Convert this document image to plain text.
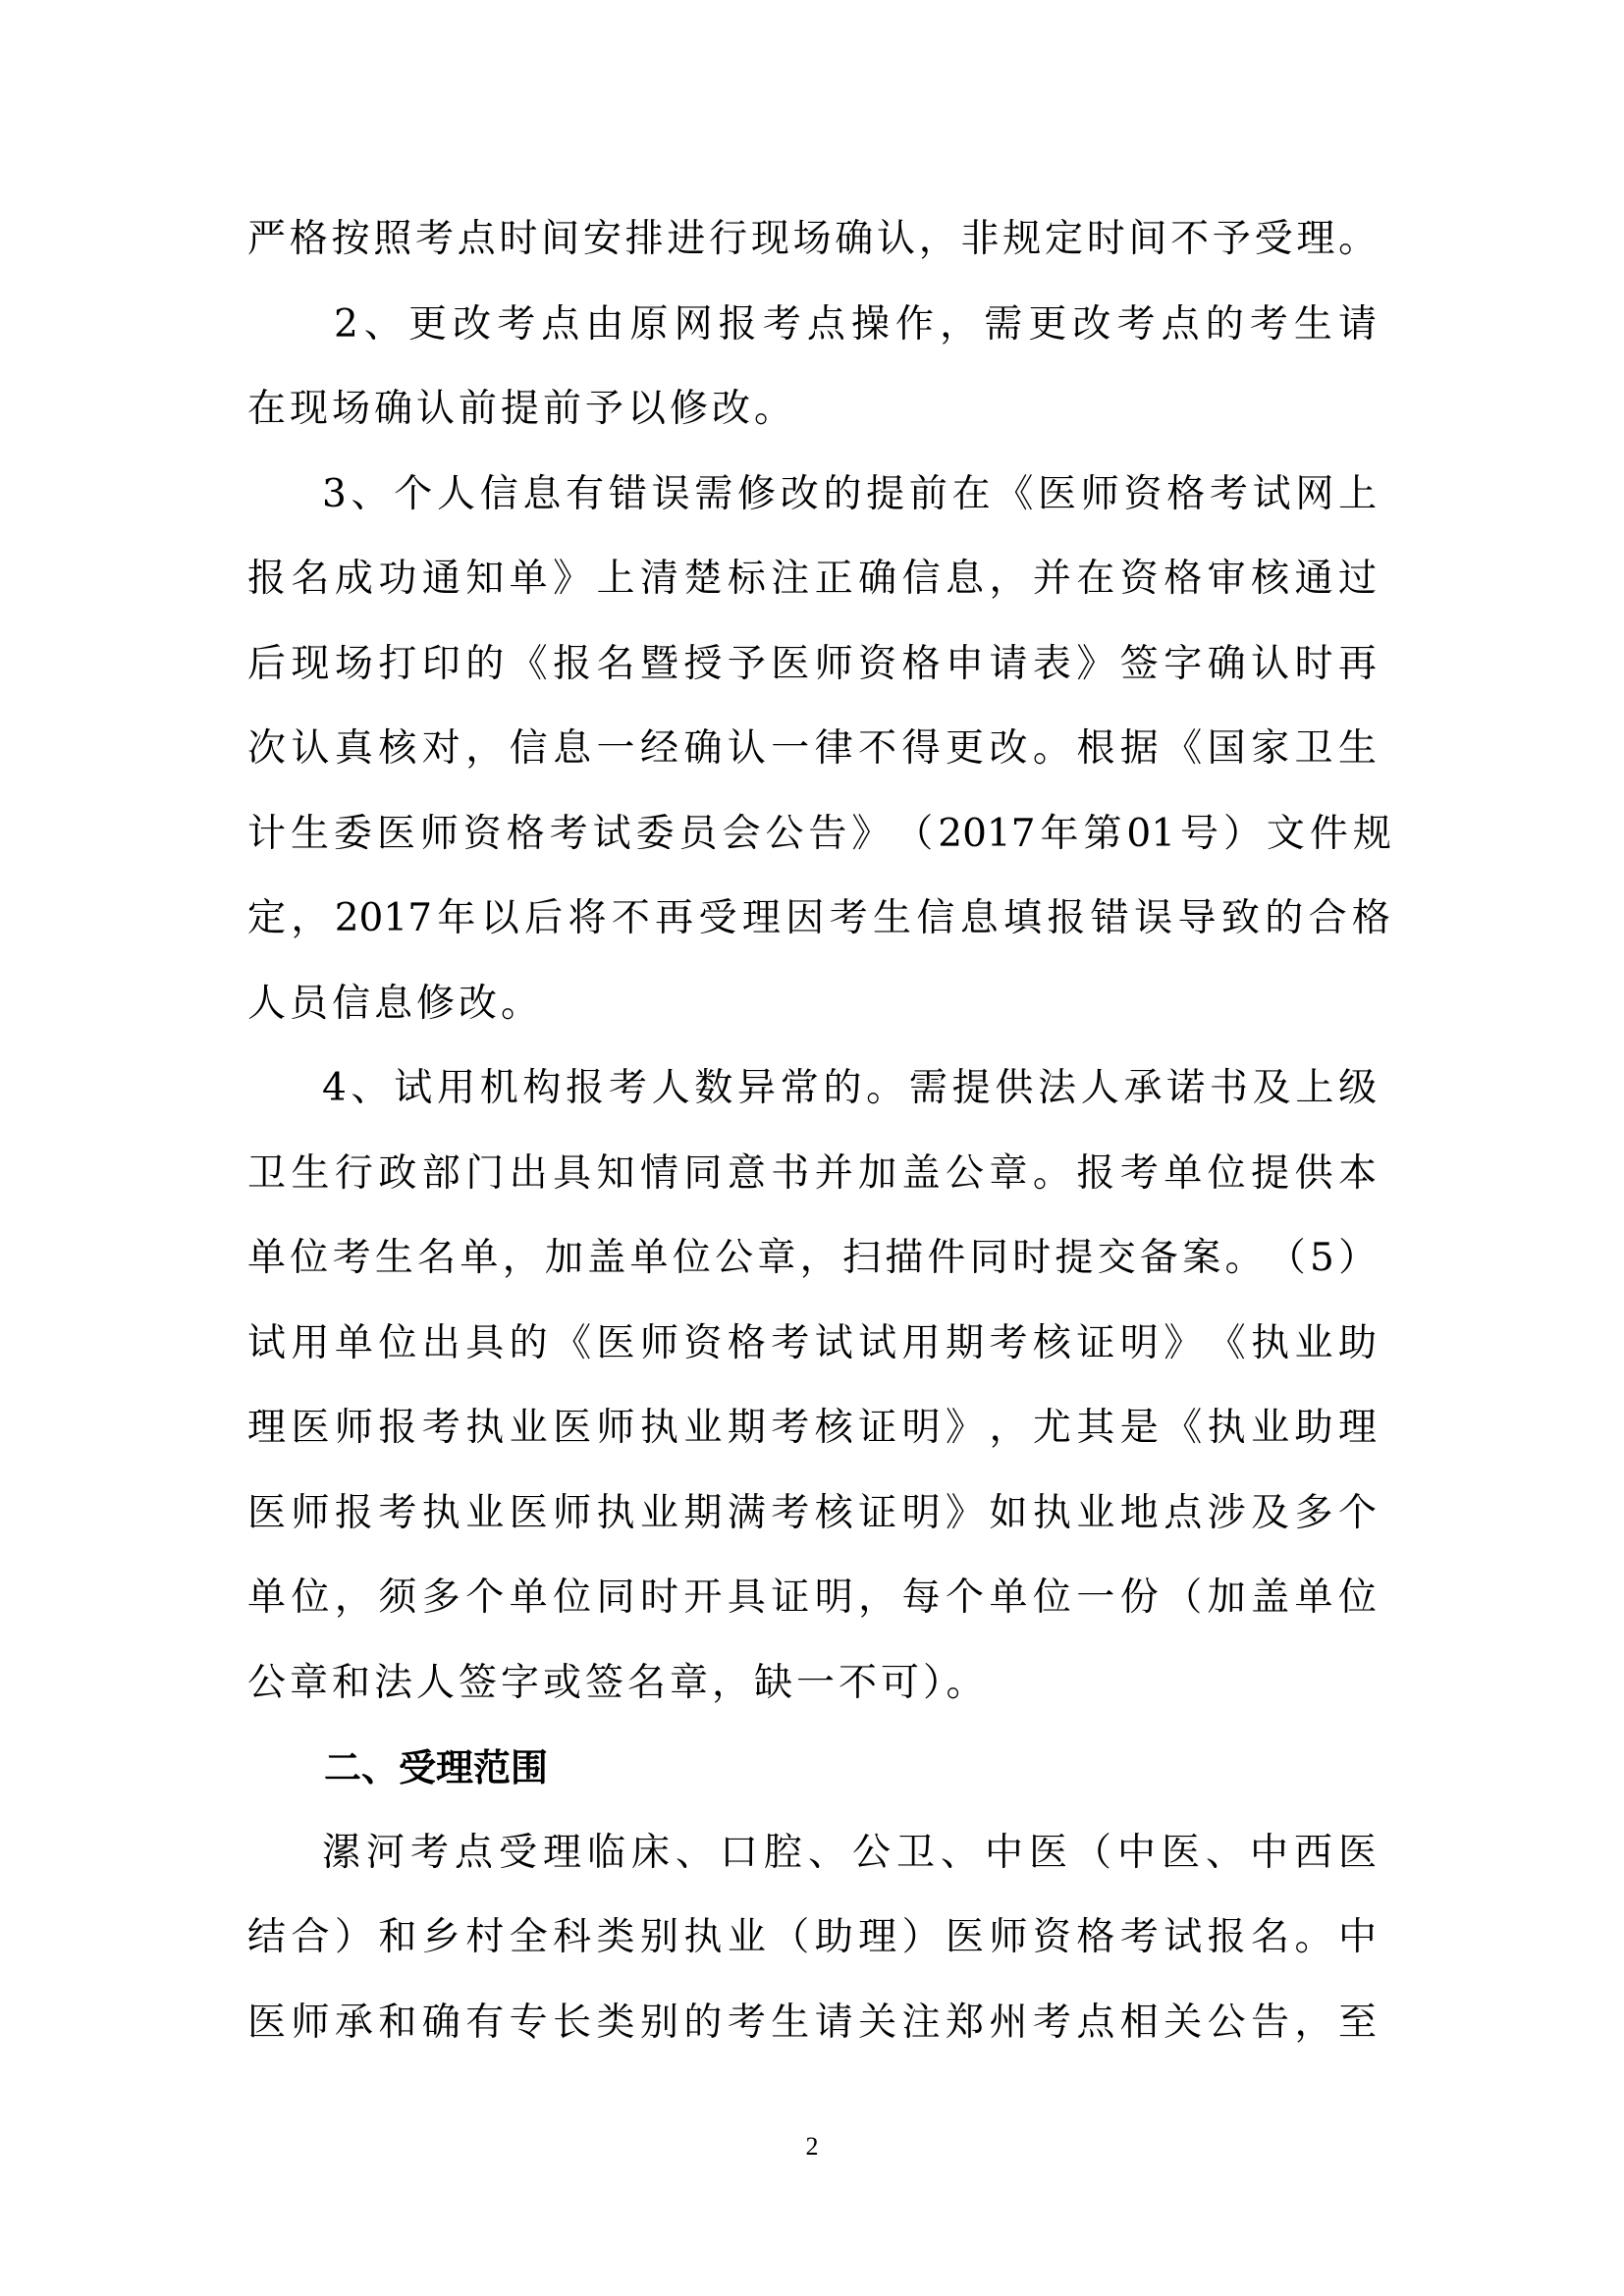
严 格 按 照 考 点 时 间 安 排 进 行 现 场 确 认 ， 非 规 定 时 间 不 予 受 理 。
2 、 更 改 考 点 由 原 网 报 考 点 操 作 ， 需 更 改 考 点 的 考 生 请
在现场确认前提前予以修改。
3 、 个 人 信 息 有 错 误 需 修 改 的 提 前 在 《 医 师 资 格 考 试 网 上
报 名 成 功 通 知 单 》 上 清 楚 标 注 正 确 信 息 ， 并 在 资 格 审 核 通 过
后 现 场 打 印 的 《 报 名 暨 授 予 医 师 资 格 申 请 表 》 签 字 确 认 时 再
次 认 真 核 对 ， 信 息 一 经 确 认 一 律 不 得 更 改 。 根 据 《 国 家 卫 生
计 生 委 医 师 资 格 考 试 委 员 会 公 告 》 （ 2017 年 第 01 号 ） 文 件 规
定 ， 2017 年 以 后 将 不 再 受 理 因 考 生 信 息 填 报 错 误 导 致 的 合 格
人员信息修改。
4 、 试 用 机 构 报 考 人 数 异 常 的 。 需 提 供 法 人 承 诺 书 及 上 级
卫 生 行 政 部 门 出 具 知 情 同 意 书 并 加 盖 公 章 。 报 考 单 位 提 供 本
单 位 考 生 名 单 ， 加 盖 单 位 公 章 ， 扫 描 件 同 时 提 交 备 案 。 （ 5 ）
试 用 单 位 出 具 的 《 医 师 资 格 考 试 试 用 期 考 核 证 明 》 《 执 业 助
理 医 师 报 考 执 业 医 师 执 业 期 考 核 证 明 》 ， 尤 其 是 《 执 业 助 理
医 师 报 考 执 业 医 师 执 业 期 满 考 核 证 明 》 如 执 业 地 点 涉 及 多 个
单 位 ， 须 多 个 单 位 同 时 开 具 证 明 ， 每 个 单 位 一 份 （ 加 盖 单 位
公章和法人签字或签名章，缺一不可）。
二、受理范围
漯 河 考 点 受 理 临 床 、 口 腔 、 公 卫 、 中 医 （ 中 医 、 中 西 医
结 合 ） 和 乡 村 全 科 类 别 执 业 （ 助 理 ） 医 师 资 格 考 试 报 名 。 中
医 师 承 和 确 有 专 长 类 别 的 考 生 请 关 注 郑 州 考 点 相 关 公 告 ， 至
2
